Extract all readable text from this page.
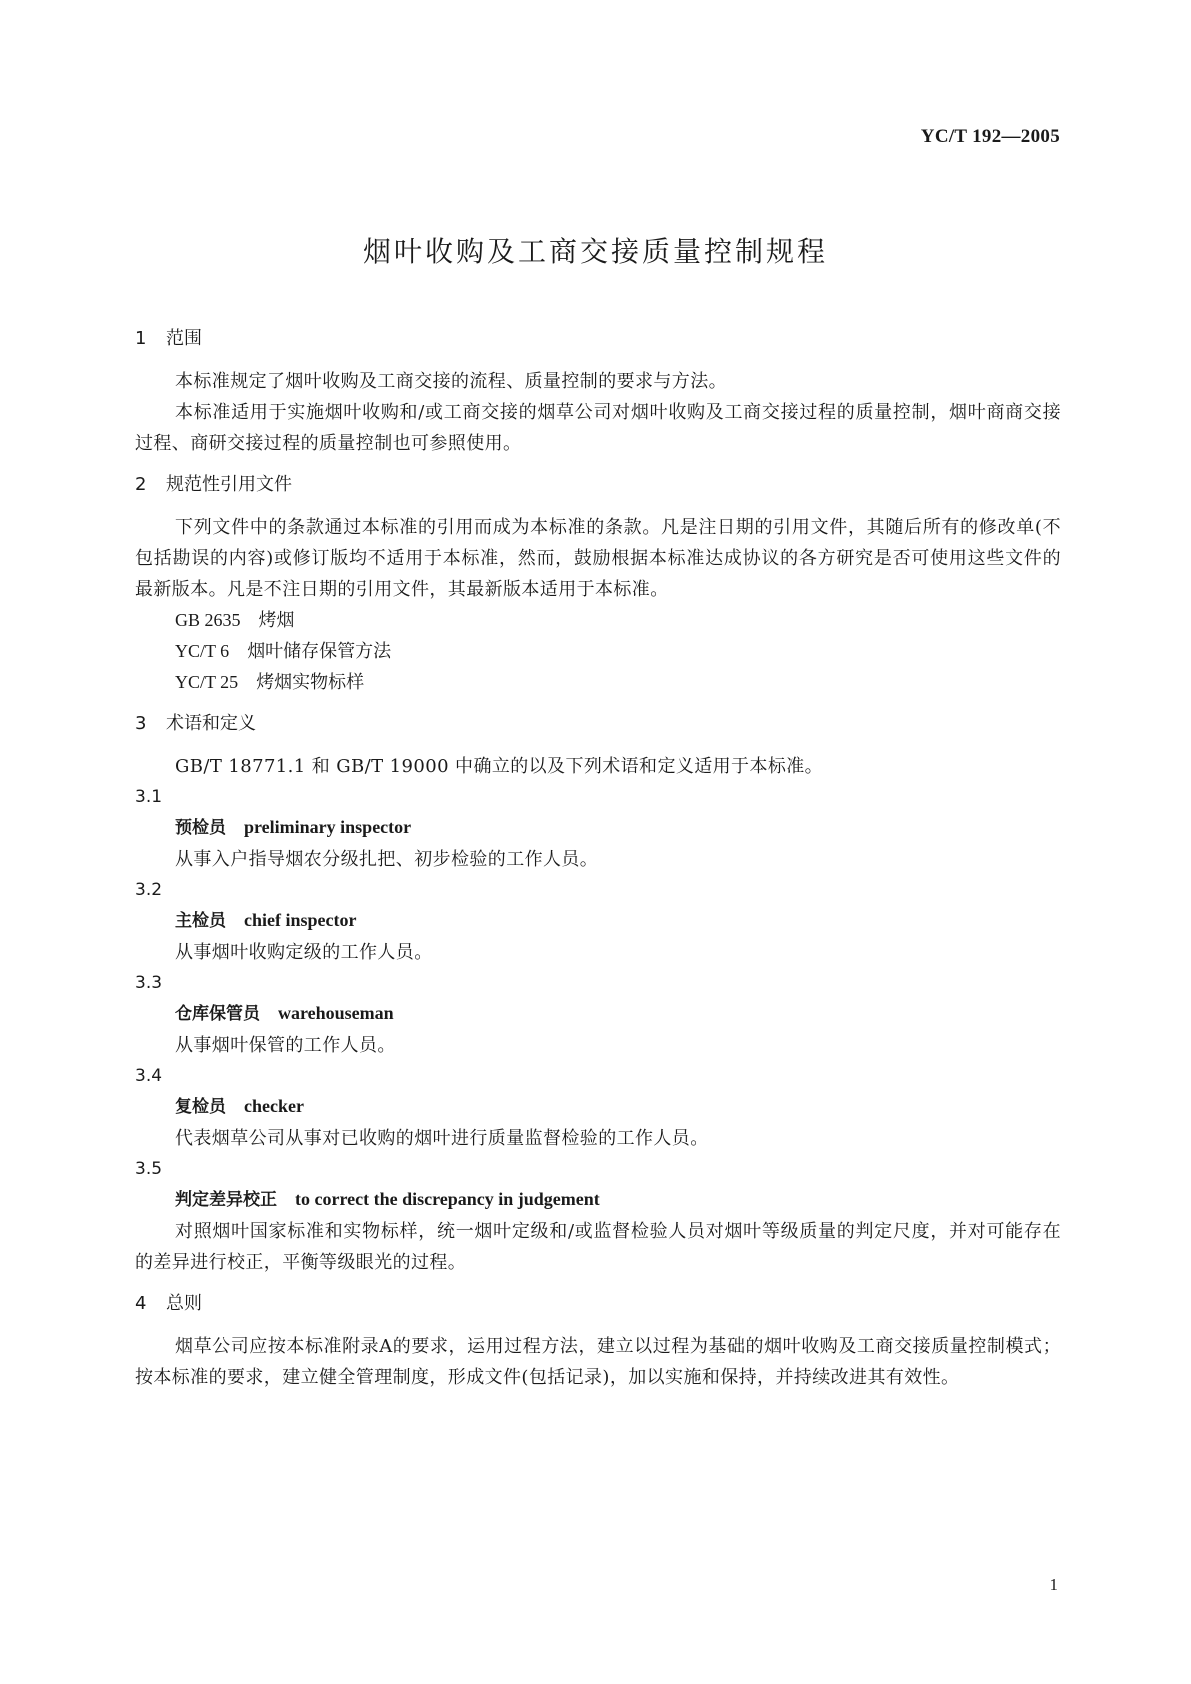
YC/T 192—2005
烟叶收购及工商交接质量控制规程
1 范围
本标准规定了烟叶收购及工商交接的流程、质量控制的要求与方法。
本标准适用于实施烟叶收购和/或工商交接的烟草公司对烟叶收购及工商交接过程的质量控制，烟叶商商交接过程、商研交接过程的质量控制也可参照使用。
2 规范性引用文件
下列文件中的条款通过本标准的引用而成为本标准的条款。凡是注日期的引用文件，其随后所有的修改单(不包括勘误的内容)或修订版均不适用于本标准，然而，鼓励根据本标准达成协议的各方研究是否可使用这些文件的最新版本。凡是不注日期的引用文件，其最新版本适用于本标准。
GB 2635 烤烟
YC/T 6 烟叶储存保管方法
YC/T 25 烤烟实物标样
3 术语和定义
GB/T 18771.1 和 GB/T 19000 中确立的以及下列术语和定义适用于本标准。
3.1
预检员 preliminary inspector
从事入户指导烟农分级扎把、初步检验的工作人员。
3.2
主检员 chief inspector
从事烟叶收购定级的工作人员。
3.3
仓库保管员 warehouseman
从事烟叶保管的工作人员。
3.4
复检员 checker
代表烟草公司从事对已收购的烟叶进行质量监督检验的工作人员。
3.5
判定差异校正 to correct the discrepancy in judgement
对照烟叶国家标准和实物标样，统一烟叶定级和/或监督检验人员对烟叶等级质量的判定尺度，并对可能存在的差异进行校正，平衡等级眼光的过程。
4 总则
烟草公司应按本标准附录A的要求，运用过程方法，建立以过程为基础的烟叶收购及工商交接质量控制模式；按本标准的要求，建立健全管理制度，形成文件(包括记录)，加以实施和保持，并持续改进其有效性。
1
